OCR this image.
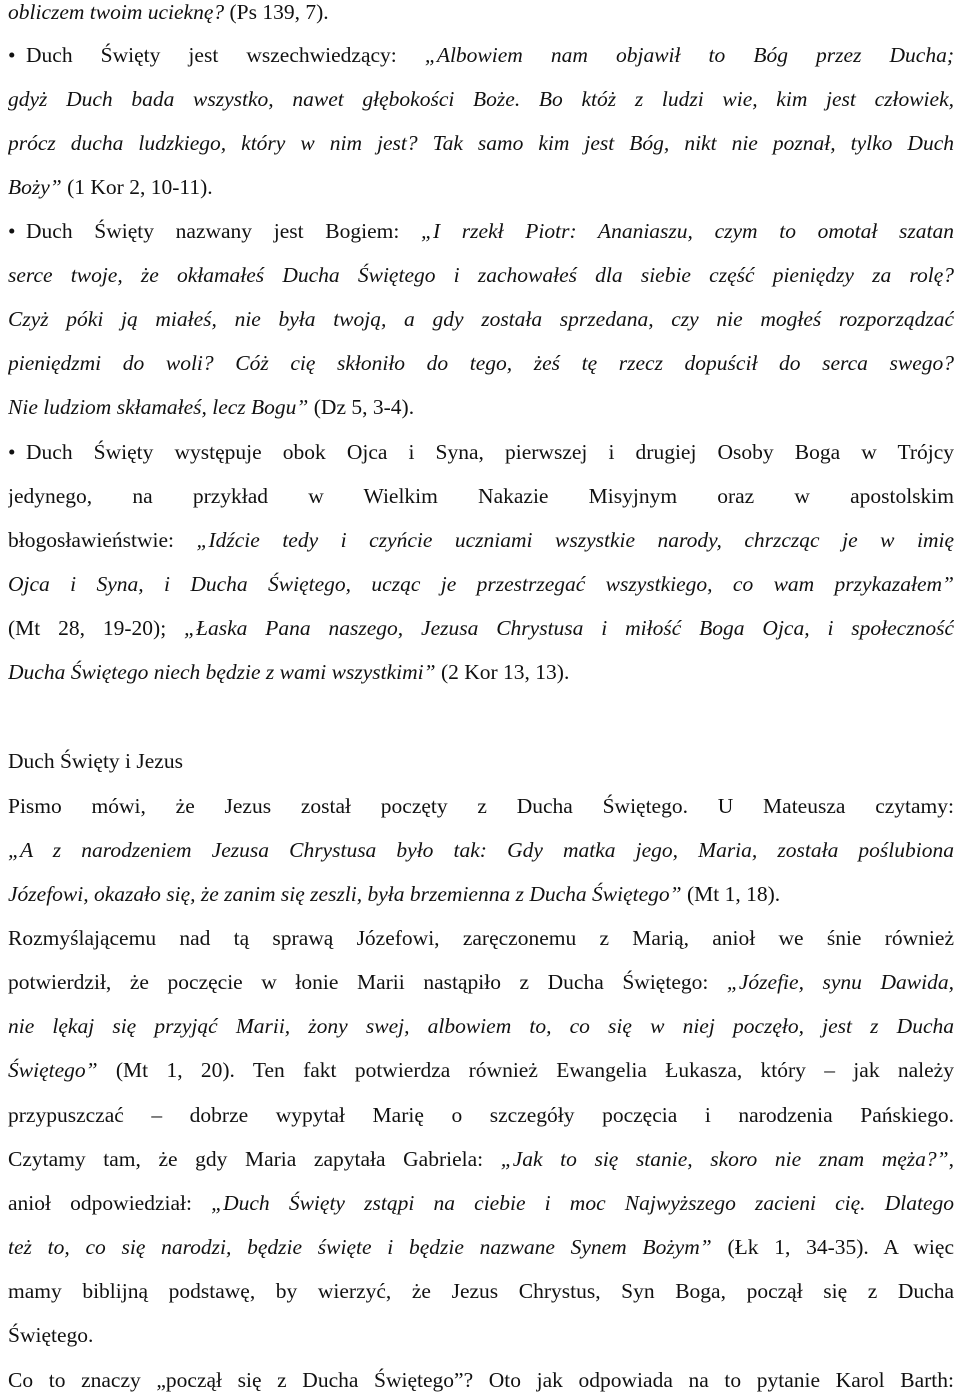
obliczem twoim ucieknę? (Ps 139, 7).
•Duch Święty jest wszechwiedzący: „Albowiem nam objawił to Bóg przez Ducha;
gdyż Duch bada wszystko, nawet głębokości Boże. Bo któż z ludzi wie, kim jest człowiek,
prócz ducha ludzkiego, który w nim jest? Tak samo kim jest Bóg, nikt nie poznał, tylko Duch
Boży” (1 Kor 2, 10-11).
•Duch Święty nazwany jest Bogiem: „I rzekł Piotr: Ananiaszu, czym to omotał szatan
serce twoje, że okłamałeś Ducha Świętego i zachowałeś dla siebie część pieniędzy za rolę?
Czyż póki ją miałeś, nie była twoją, a gdy została sprzedana, czy nie mogłeś rozporządzać
pieniędzmi do woli? Cóż cię skłoniło do tego, żeś tę rzecz dopuścił do serca swego?
Nie ludziom skłamałeś, lecz Bogu” (Dz 5, 3-4).
•Duch Święty występuje obok Ojca i Syna, pierwszej i drugiej Osoby Boga w Trójcy
jedynego, na przykład w Wielkim Nakazie Misyjnym oraz w apostolskim
błogosławieństwie: „Idźcie tedy i czyńcie uczniami wszystkie narody, chrzcząc je w imię
Ojca i Syna, i Ducha Świętego, ucząc je przestrzegać wszystkiego, co wam przykazałem”
(Mt 28, 19-20); „Łaska Pana naszego, Jezusa Chrystusa i miłość Boga Ojca, i społeczność
Ducha Świętego niech będzie z wami wszystkimi” (2 Kor 13, 13).
Duch Święty i Jezus
Pismo mówi, że Jezus został poczęty z Ducha Świętego. U Mateusza czytamy:
„A z narodzeniem Jezusa Chrystusa było tak: Gdy matka jego, Maria, została poślubiona
Józefowi, okazało się, że zanim się zeszli, była brzemienna z Ducha Świętego” (Mt 1, 18).
Rozmyślającemu nad tą sprawą Józefowi, zaręczonemu z Marią, anioł we śnie również
potwierdził, że poczęcie w łonie Marii nastąpiło z Ducha Świętego: „Józefie, synu Dawida,
nie lękaj się przyjąć Marii, żony swej, albowiem to, co się w niej poczęło, jest z Ducha
Świętego” (Mt 1, 20). Ten fakt potwierdza również Ewangelia Łukasza, który – jak należy
przypuszczać – dobrze wypytał Marię o szczegóły poczęcia i narodzenia Pańskiego.
Czytamy tam, że gdy Maria zapytała Gabriela: „Jak to się stanie, skoro nie znam męża?”,
anioł odpowiedział: „Duch Święty zstąpi na ciebie i moc Najwyższego zacieni cię. Dlatego
też to, co się narodzi, będzie święte i będzie nazwane Synem Bożym” (Łk 1, 34-35). A więc
mamy biblijną podstawę, by wierzyć, że Jezus Chrystus, Syn Boga, począł się z Ducha
Świętego.
Co to znaczy „począł się z Ducha Świętego”? Oto jak odpowiada na to pytanie Karol Barth:
